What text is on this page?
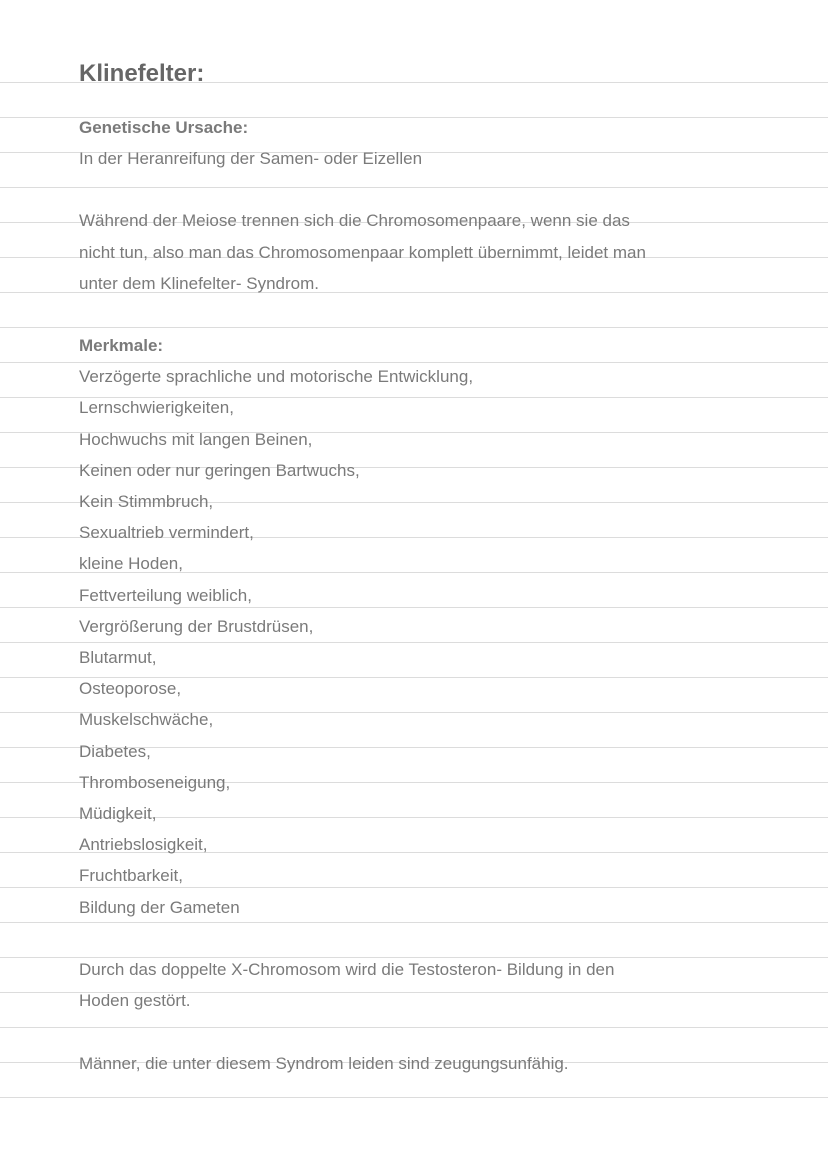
Klinefelter:

Genetische Ursache:

In der Heranreifung der Samen- oder Eizellen

Während der Meiose trennen sich die Chromosomenpaare, wenn sie das

nicht tun, also man das Chromosomenpaar komplett übernimmt, leidet man

unter dem Klinefelter- Syndrom.

Merkmale:

Verzögerte sprachliche und motorische Entwicklung,

Lernschwierigkeiten,

Hochwuchs mit langen Beinen,

Keinen oder nur geringen Bartwuchs,

Kein Stimmbruch,

Sexualtrieb vermindert,

kleine Hoden,

Fettverteilung weiblich,

Vergrößerung der Brustdrüsen,

Blutarmut,

Osteoporose,

Muskelschwäche,

Diabetes,

Thromboseneigung,

Müdigkeit,

Antriebslosigkeit,

Fruchtbarkeit,

Bildung der Gameten

Durch das doppelte X-Chromosom wird die Testosteron- Bildung in den

Hoden gestört.

Männer, die unter diesem Syndrom leiden sind zeugungsunfähig.
